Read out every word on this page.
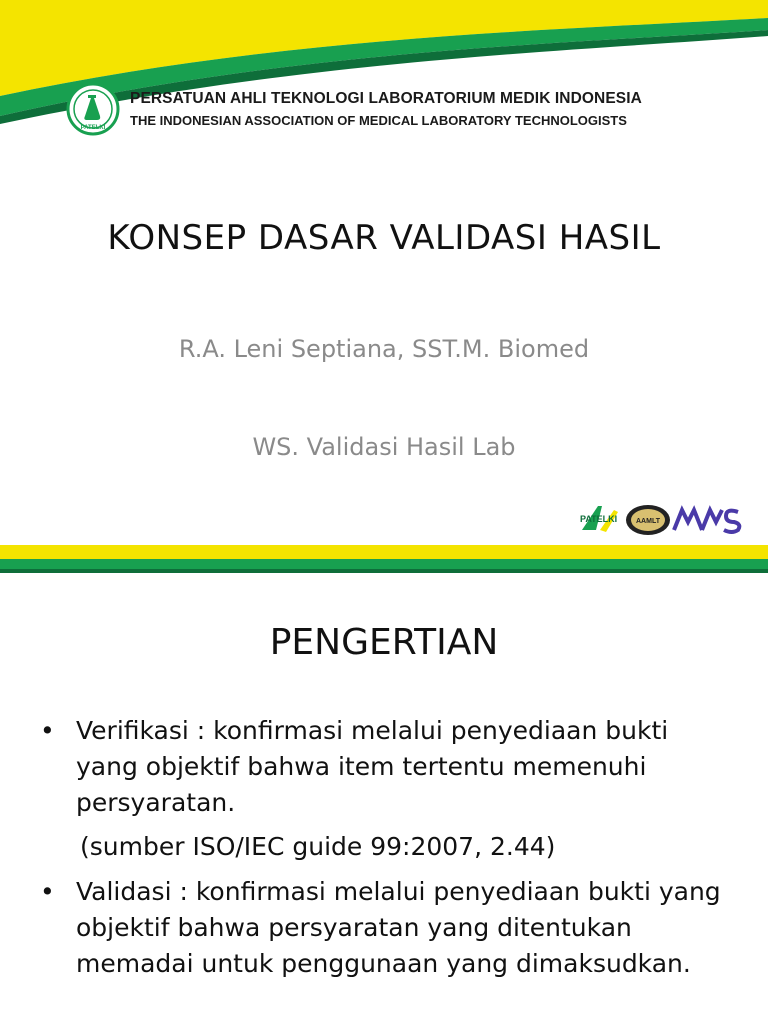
PATELKI
PERSATUAN AHLI TEKNOLOGI LABORATORIUM MEDIK INDONESIA
THE INDONESIAN ASSOCIATION OF MEDICAL LABORATORY TECHNOLOGISTS
KONSEP DASAR VALIDASI HASIL
R.A. Leni Septiana, SST.M. Biomed
WS. Validasi Hasil Lab
PATELKI	AAMLT
PENGERTIAN
• Verifikasi : konfirmasi melalui penyediaan bukti yang objektif bahwa item tertentu memenuhi persyaratan.
(sumber ISO/IEC guide 99:2007, 2.44)
• Validasi : konfirmasi melalui penyediaan bukti yang objektif bahwa persyaratan yang ditentukan memadai untuk penggunaan yang dimaksudkan.
